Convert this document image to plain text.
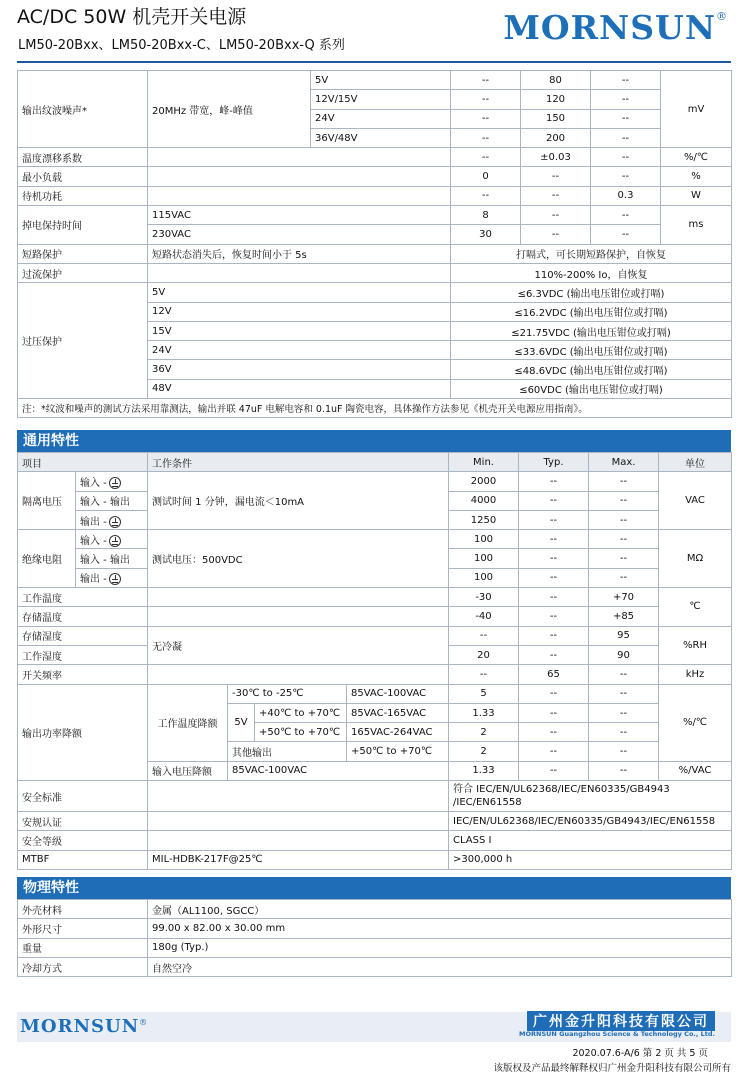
AC/DC 50W 机壳开关电源
LM50-20Bxx、LM50-20Bxx-C、LM50-20Bxx-Q 系列	MORNSUN®
输出纹波噪声*	20MHz 带宽，峰-峰值	5V	--	80	--	mV
		12V/15V	--	120	--	
		24V	--	150	--	
		36V/48V	--	200	--	
温度漂移系数			--	±0.03	--	%/℃
最小负载			0	--	--	%
待机功耗			--	--	0.3	W
掉电保持时间	115VAC		8	--	--	ms
	230VAC		30	--	--	
短路保护	短路状态消失后，恢复时间小于 5s		打嗝式，可长期短路保护，自恢复			
过流保护			110%-200% Io，自恢复			
过压保护	5V		≤6.3VDC (输出电压钳位或打嗝)			
	12V		≤16.2VDC (输出电压钳位或打嗝)			
	15V		≤21.75VDC (输出电压钳位或打嗝)			
	24V		≤33.6VDC (输出电压钳位或打嗝)			
	36V		≤48.6VDC (输出电压钳位或打嗝)			
	48V		≤60VDC (输出电压钳位或打嗝)			
注：*纹波和噪声的测试方法采用靠测法，输出并联 47uF 电解电容和 0.1uF 陶瓷电容，具体操作方法参见《机壳开关电源应用指南》。						
通用特性
项目		工作条件				Min.	Typ.	Max.	单位
隔离电压	输入 -	测试时间 1 分钟，漏电流＜10mA				2000	--	--	VAC
	输入 - 输出					4000	--	--	
	输出 -					1250	--	--	
绝缘电阻	输入 -	测试电压：500VDC				100	--	--	MΩ
	输入 - 输出					100	--	--	
	输出 -					100	--	--	
工作温度						-30	--	+70	℃
存储温度						-40	--	+85	
存储湿度		无冷凝				--	--	95	%RH
工作湿度						20	--	90	
开关频率						--	65	--	kHz
输出功率降额		工作温度降额	-30℃ to -25℃		85VAC-100VAC	5	--	--	%/℃
			5V	+40℃ to +70℃	85VAC-165VAC	1.33	--	--	
				+50℃ to +70℃	165VAC-264VAC	2	--	--	
			其他输出		+50℃ to +70℃	2	--	--	
		输入电压降额	85VAC-100VAC			1.33	--	--	%/VAC
安全标准						符合 IEC/EN/UL62368/IEC/EN60335/GB4943
/IEC/EN61558			

安规认证						IEC/EN/UL62368/IEC/EN60335/GB4943/IEC/EN61558			
安全等级						CLASS I			
MTBF		MIL-HDBK-217F@25℃				>300,000 h			
物理特性
外壳材料	金属（AL1100, SGCC）
外形尺寸	99.00 x 82.00 x 30.00 mm
重量	180g (Typ.)
冷却方式	自然空冷
MORNSUN®	广州金升阳科技有限公司
MORNSUN Guangzhou Science & Technology Co., Ltd.
2020.07.6-A/6 第 2 页 共 5 页
该版权及产品最终解释权归广州金升阳科技有限公司所有
